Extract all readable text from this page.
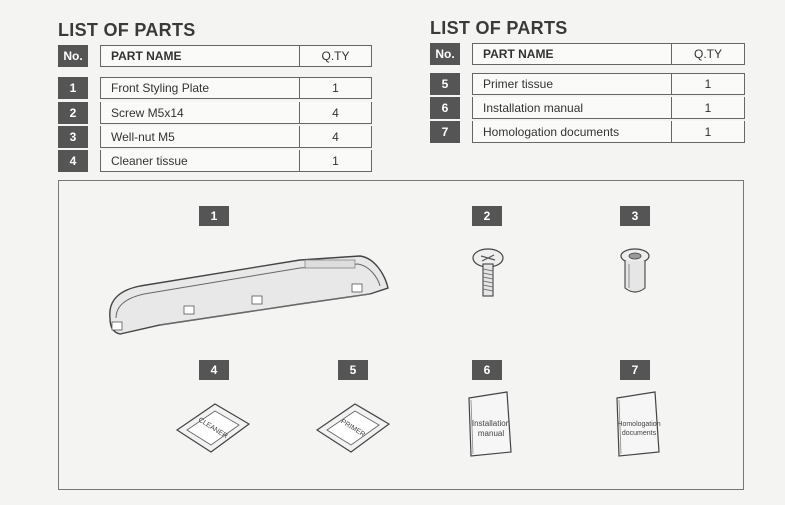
LIST OF PARTS
No.	PART NAME	Q.TY
1	Front Styling Plate	1
2	Screw M5x14	4
3	Well-nut M5	4
4	Cleaner tissue	1
LIST OF PARTS
No.	PART NAME	Q.TY
5	Primer tissue	1
6	Installation manual	1
7	Homologation documents	1
1	2	3
4	5	6	7
CLEANER	PRIMER	Installation
manual
Homologation
documents
